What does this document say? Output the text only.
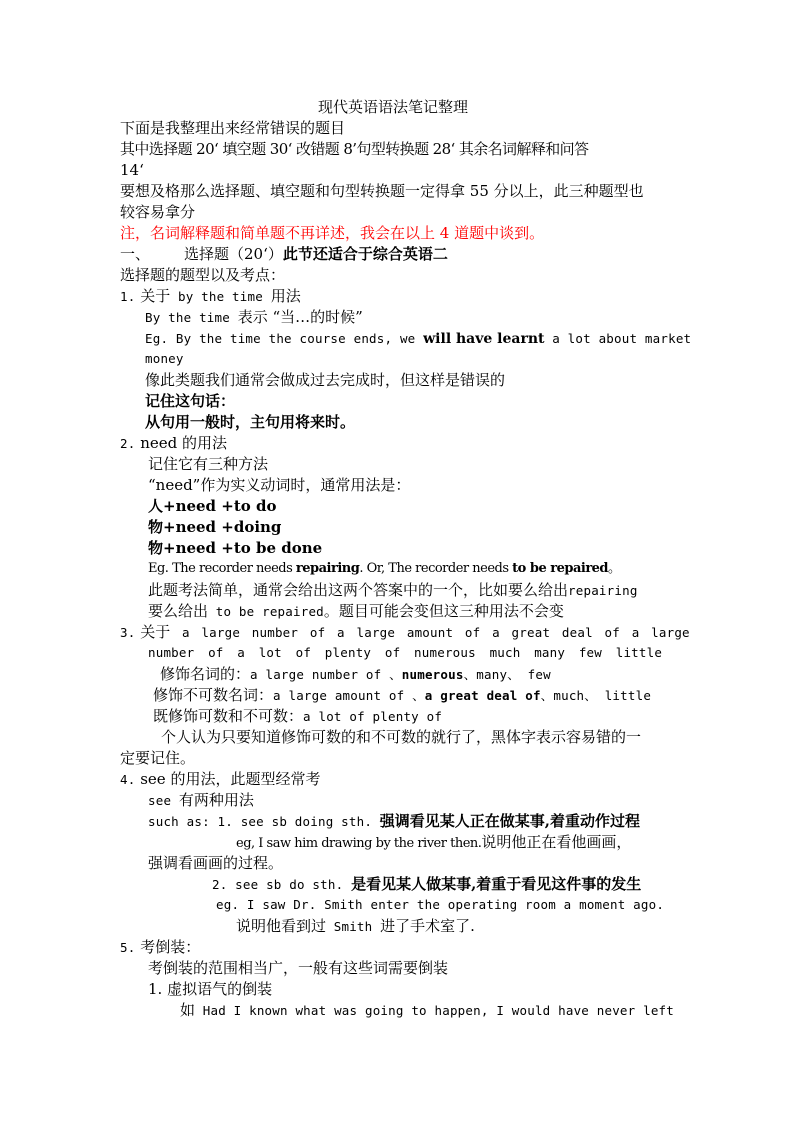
现代英语语法笔记整理
下面是我整理出来经常错误的题目
其中选择题 20‘ 填空题 30‘ 改错题 8’句型转换题 28‘ 其余名词解释和问答
14‘
要想及格那么选择题、填空题和句型转换题一定得拿 55 分以上，此三种题型也
较容易拿分
注，名词解释题和简单题不再详述，我会在以上 4 道题中谈到。
一、 选择题（20‘）此节还适合于综合英语二
选择题的题型以及考点：
1. 关于 by the time 用法
By the time 表示 “当…的时候”
Eg. By the time the course ends, we will have learnt a lot about market
money
像此类题我们通常会做成过去完成时，但这样是错误的
记住这句话：
从句用一般时，主句用将来时。
2. need 的用法
记住它有三种方法
“need”作为实义动词时，通常用法是：
人+need +to do
物+need +doing
物+need +to be done
Eg. The recorder needs repairing. Or, The recorder needs to be repaired。
此题考法简单，通常会给出这两个答案中的一个，比如要么给出repairing
要么给出 to be repaired。题目可能会变但这三种用法不会变
3. 关于 a large number of a large amount of a great deal of a large
number of a lot of plenty of numerous much many few little
修饰名词的：a large number of 、numerous、many、 few
修饰不可数名词：a large amount of 、a great deal of、much、 little
既修饰可数和不可数：a lot of plenty of
个人认为只要知道修饰可数的和不可数的就行了，黑体字表示容易错的一
定要记住。
4. see 的用法，此题型经常考
see 有两种用法
such as: 1. see sb doing sth. 强调看见某人正在做某事,着重动作过程
eg, I saw him drawing by the river then.说明他正在看他画画，
强调看画画的过程。
2. see sb do sth. 是看见某人做某事,着重于看见这件事的发生
eg. I saw Dr. Smith enter the operating room a moment ago.
说明他看到过 Smith 进了手术室了.
5. 考倒装：
考倒装的范围相当广，一般有这些词需要倒装
1. 虚拟语气的倒装
如 Had I known what was going to happen, I would have never left
